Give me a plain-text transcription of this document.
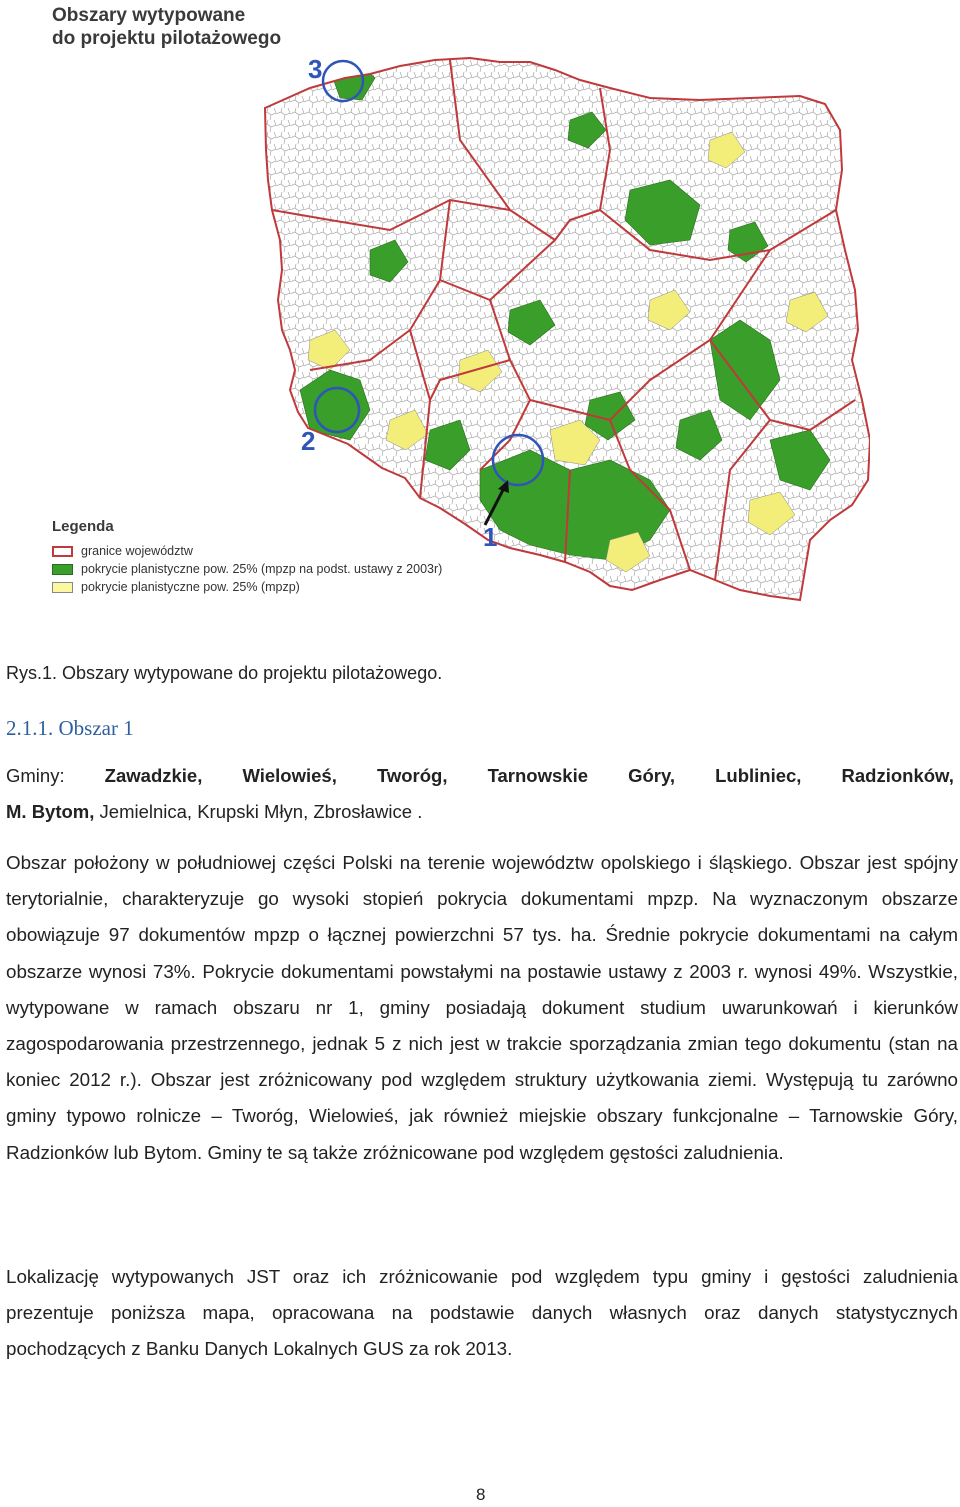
Obszary wytypowane
do projektu pilotażowego
3
2
1
Legenda
granice województw
pokrycie planistyczne pow. 25% (mpzp na podst. ustawy z 2003r)
pokrycie planistyczne pow. 25% (mpzp)
Rys.1. Obszary wytypowane do projektu pilotażowego.
2.1.1. Obszar 1
Gminy: Zawadzkie, Wielowieś, Tworóg, Tarnowskie Góry, Lubliniec, Radzionków,
M. Bytom, Jemielnica, Krupski Młyn, Zbrosławice .

Obszar położony w południowej części Polski na terenie województw opolskiego i śląskiego. Obszar jest spójny terytorialnie, charakteryzuje go wysoki stopień pokrycia dokumentami mpzp. Na wyznaczonym obszarze obowiązuje 97 dokumentów mpzp o łącznej powierzchni 57 tys. ha. Średnie pokrycie dokumentami na całym obszarze wynosi 73%. Pokrycie dokumentami powstałymi na postawie ustawy z 2003 r. wynosi 49%. Wszystkie, wytypowane w ramach obszaru nr 1, gminy posiadają dokument studium uwarunkowań i kierunków zagospodarowania przestrzennego, jednak 5 z nich jest w trakcie sporządzania zmian tego dokumentu (stan na koniec 2012 r.). Obszar jest zróżnicowany pod względem struktury użytkowania ziemi. Występują tu zarówno gminy typowo rolnicze – Tworóg, Wielowieś, jak również miejskie obszary funkcjonalne – Tarnowskie Góry, Radzionków lub Bytom. Gminy te są także zróżnicowane pod względem gęstości zaludnienia.

Lokalizację wytypowanych JST oraz ich zróżnicowanie pod względem typu gminy i gęstości zaludnienia prezentuje poniższa mapa, opracowana na podstawie danych własnych oraz danych statystycznych pochodzących z Banku Danych Lokalnych GUS za rok 2013.

8
